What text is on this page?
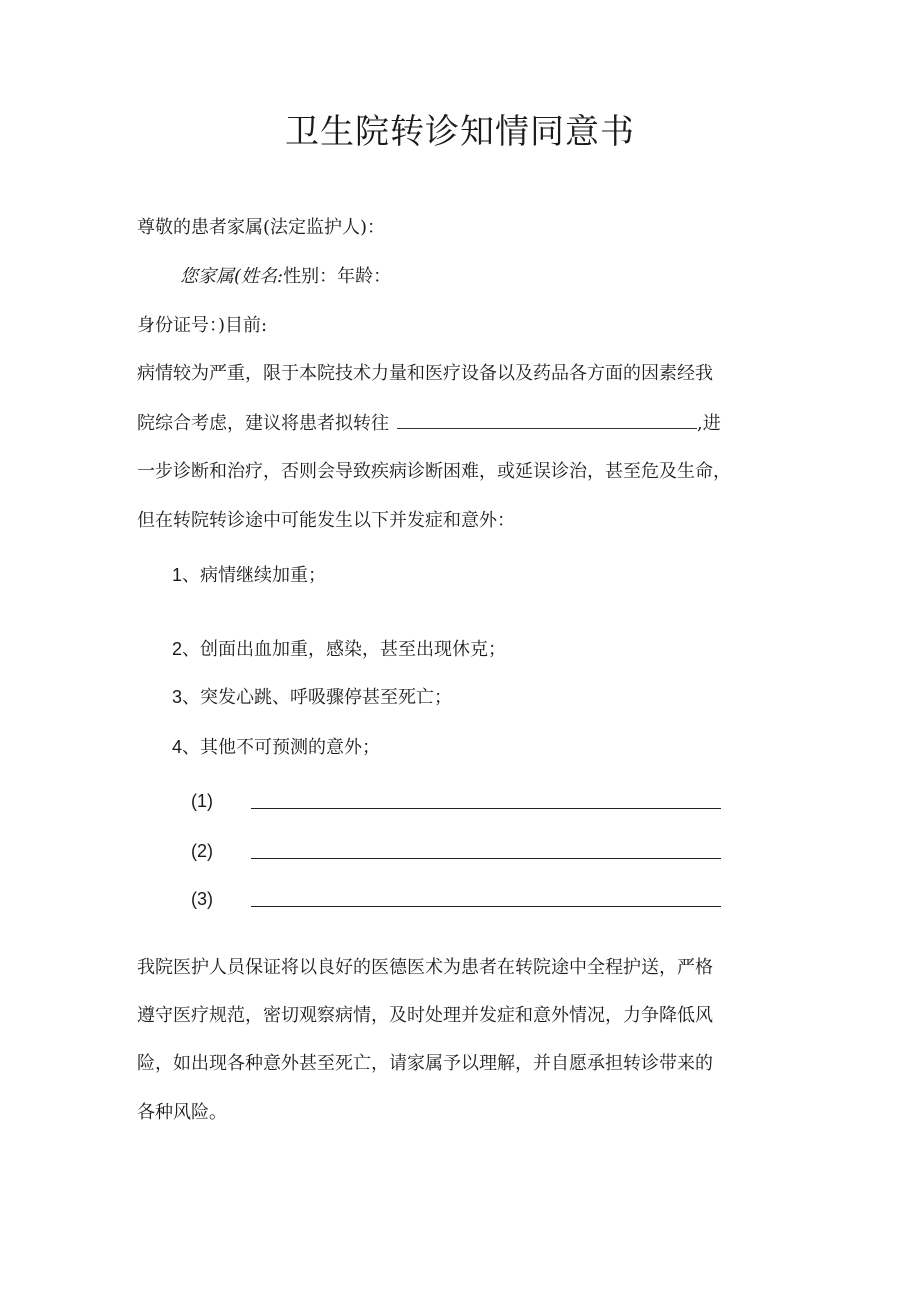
卫生院转诊知情同意书
尊敬的患者家属(法定监护人)：
您家属(姓名:性别：年龄：
身份证号：)目前:
病情较为严重，限于本院技术力量和医疗设备以及药品各方面的因素经我
院综合考虑，建议将患者拟转往	,进
一步诊断和治疗，否则会导致疾病诊断困难，或延误诊治，甚至危及生命，
但在转院转诊途中可能发生以下并发症和意外：
1、病情继续加重；
2、创面出血加重，感染，甚至出现休克；
3、突发心跳、呼吸骤停甚至死亡；
4、其他不可预测的意外；
(1)
(2)
(3)
我院医护人员保证将以良好的医德医术为患者在转院途中全程护送，严格
遵守医疗规范，密切观察病情，及时处理并发症和意外情况，力争降低风
险，如出现各种意外甚至死亡，请家属予以理解，并自愿承担转诊带来的
各种风险。
